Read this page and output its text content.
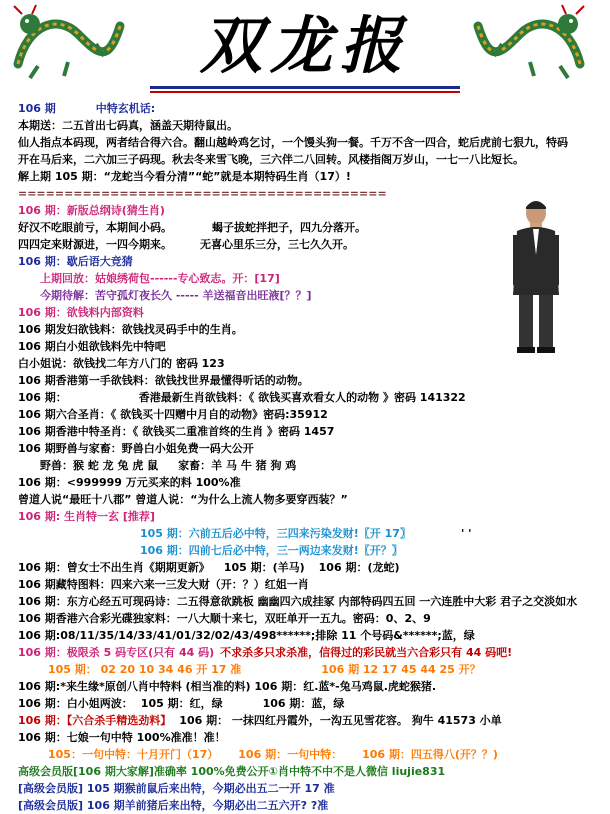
双龙报
106 期	中特玄机话:
本期送：二五首出七码真，涵盖天期待鼠出。
仙人指点本码现，两者结合得六合。翻山越岭鸡乞讨，一个馒头狗一餐。千万不含一四合，蛇后虎前七狠九，特码开在马后来，二六加三子码现。秋去冬来雪飞晚，三六伴二八回转。风楼指阁万岁山，一七一八比短长。
解上期 105 期：“龙蛇当今看分清”“蛇”就是本期特码生肖（17）!
========================================
106 期：新版总纲诗(猜生肖)
好汉不吃眼前亏，本期间小码。	蝎子拔蛇拌把子，四九分落开。
四四定来财源进，一四今期来。	无喜心里乐三分，三七久久开。
106 期：歇后语大竞猜
上期回放：姑娘绣荷包------专心致志。开：[17]
今期待解：苦守孤灯夜长久 ----- 羊送福音出旺液[？？]
106 期：欲钱料内部资料
106 期发妇欲钱料：欲钱找灵码手中的生肖。
106 期白小姐欲钱料先中特吧
白小姐说：欲钱找二年方八门的 密码 123
106 期香港第一手欲钱料：欲钱找世界最懂得听话的动物。
106 期：	香港最新生肖欲钱料：《 欲钱买喜欢看女人的动物 》密码 141322
106 期六合圣肖：《 欲钱买十四赠中月自的动物》密码:35912
106 期香港中特圣肖：《 欲钱买二重准首终的生肖 》密码 1457
106 期野兽与家畜：野兽白小姐免费一码大公开
野兽：猴 蛇 龙 兔 虎 鼠 家畜：羊 马 牛 猪 狗 鸡
106 期：<999999 万元买来的料 100%准
曾道人说“最旺十八郡” 曾道人说：“为什么上流人物多要穿西装？”
106 期: 生肖特一玄 [推荐]
105 期：六前五后必中特，三四来污染发财!〖开 17〗	' '
106 期：四前七后必中特，三一两边来发财!〖开？〗
106 期：曾女士不出生肖《期期更新》 105 期：(羊马) 106 期：(龙蛇)
106 期藏特图料：四来六来一三发大财（开：？）红姐一肖
106 期：东方心经五可现码诗：二五得意欲跳板 幽幽四六成挂冢 内部特码四五回 一六连胜中大彩 君子之交淡如水
106 期香港六合彩光碟独家料：一八大顺十来七，双旺单开一五九。密码：0、2、9
106 期:08/11/35/14/33/41/01/32/02/43/498******;排除 11 个号码&******;蓝，绿
106 期：极限杀 5 码专区(只有 44 码) 不求杀多只求杀准，信得过的彩民就当六合彩只有 44 码吧!
105 期： 02 20 10 34 46 开 17 准	106 期 12 17 45 44 25 开？
106 期:*来生缘*原创八肖中特料 (相当准的料) 106 期：红.蓝*-兔马鸡鼠.虎蛇猴猪.
106 期：白小姐两波： 105 期：红，绿	106 期：蓝，绿
106 期：【六合杀手精选劲料】 106 期： 一抹四红丹霞外，一沟五见雪花容。 狗牛 41573 小单
106 期：七娘一句中特 100%准准！准！
105：一句中特：十月开门（17） 106 期：一句中特： 106 期：四五得八(开？？)
高级会员版[106 期大家解]准确率 100%免费公开①肖中特不中不是人微信 liujie831
[高级会员版] 105 期猴前鼠后来出特，今期必出五二一开 17 准
[高级会员版] 106 期羊前猪后来出特，今期必出二五六开? ?准
